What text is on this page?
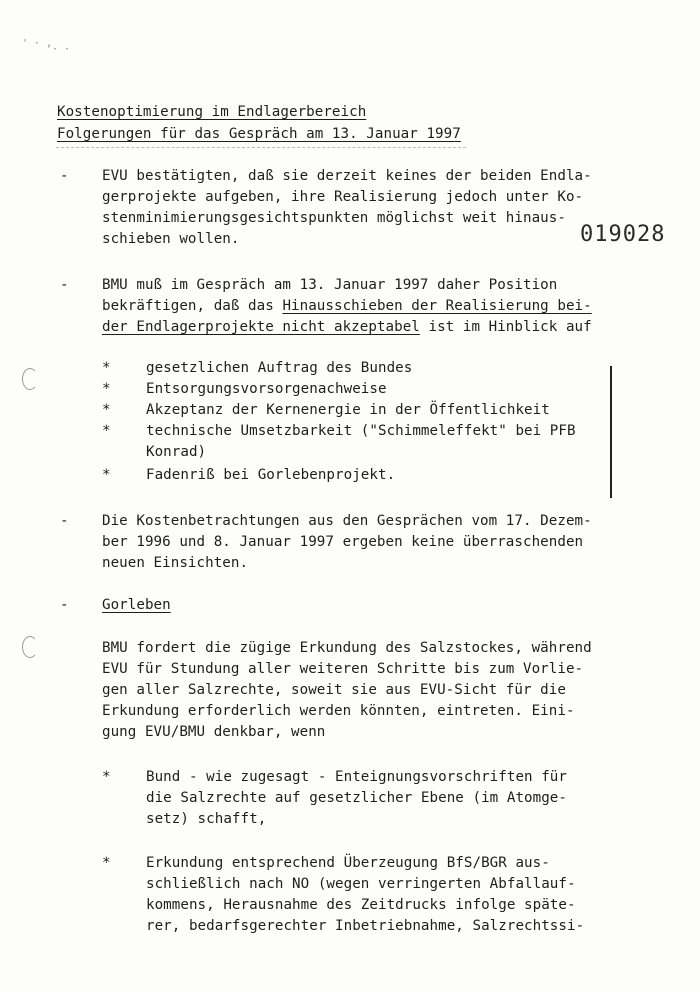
' · ,
· ·
Kostenoptimierung im Endlagerbereich
Folgerungen für das Gespräch am 13. Januar 1997
019028
- EVU bestätigten, daß sie derzeit keines der beiden Endla-
gerprojekte aufgeben, ihre Realisierung jedoch unter Ko-
stenminimierungsgesichtspunkten möglichst weit hinaus-
schieben wollen.
- BMU muß im Gespräch am 13. Januar 1997 daher Position
bekräftigen, daß das Hinausschieben der Realisierung bei-
der Endlagerprojekte nicht akzeptabel ist im Hinblick auf
* gesetzlichen Auftrag des Bundes
* Entsorgungsvorsorgenachweise
* Akzeptanz der Kernenergie in der Öffentlichkeit
* technische Umsetzbarkeit ("Schimmeleffekt" bei PFB
Konrad)
* Fadenriß bei Gorlebenprojekt.
- Die Kostenbetrachtungen aus den Gesprächen vom 17. Dezem-
ber 1996 und 8. Januar 1997 ergeben keine überraschenden
neuen Einsichten.
- Gorleben
BMU fordert die zügige Erkundung des Salzstockes, während
EVU für Stundung aller weiteren Schritte bis zum Vorlie-
gen aller Salzrechte, soweit sie aus EVU-Sicht für die
Erkundung erforderlich werden könnten, eintreten. Eini-
gung EVU/BMU denkbar, wenn
* Bund - wie zugesagt - Enteignungsvorschriften für
die Salzrechte auf gesetzlicher Ebene (im Atomge-
setz) schafft,
* Erkundung entsprechend Überzeugung BfS/BGR aus-
schließlich nach NO (wegen verringerten Abfallauf-
kommens, Herausnahme des Zeitdrucks infolge späte-
rer, bedarfsgerechter Inbetriebnahme, Salzrechtssi-
